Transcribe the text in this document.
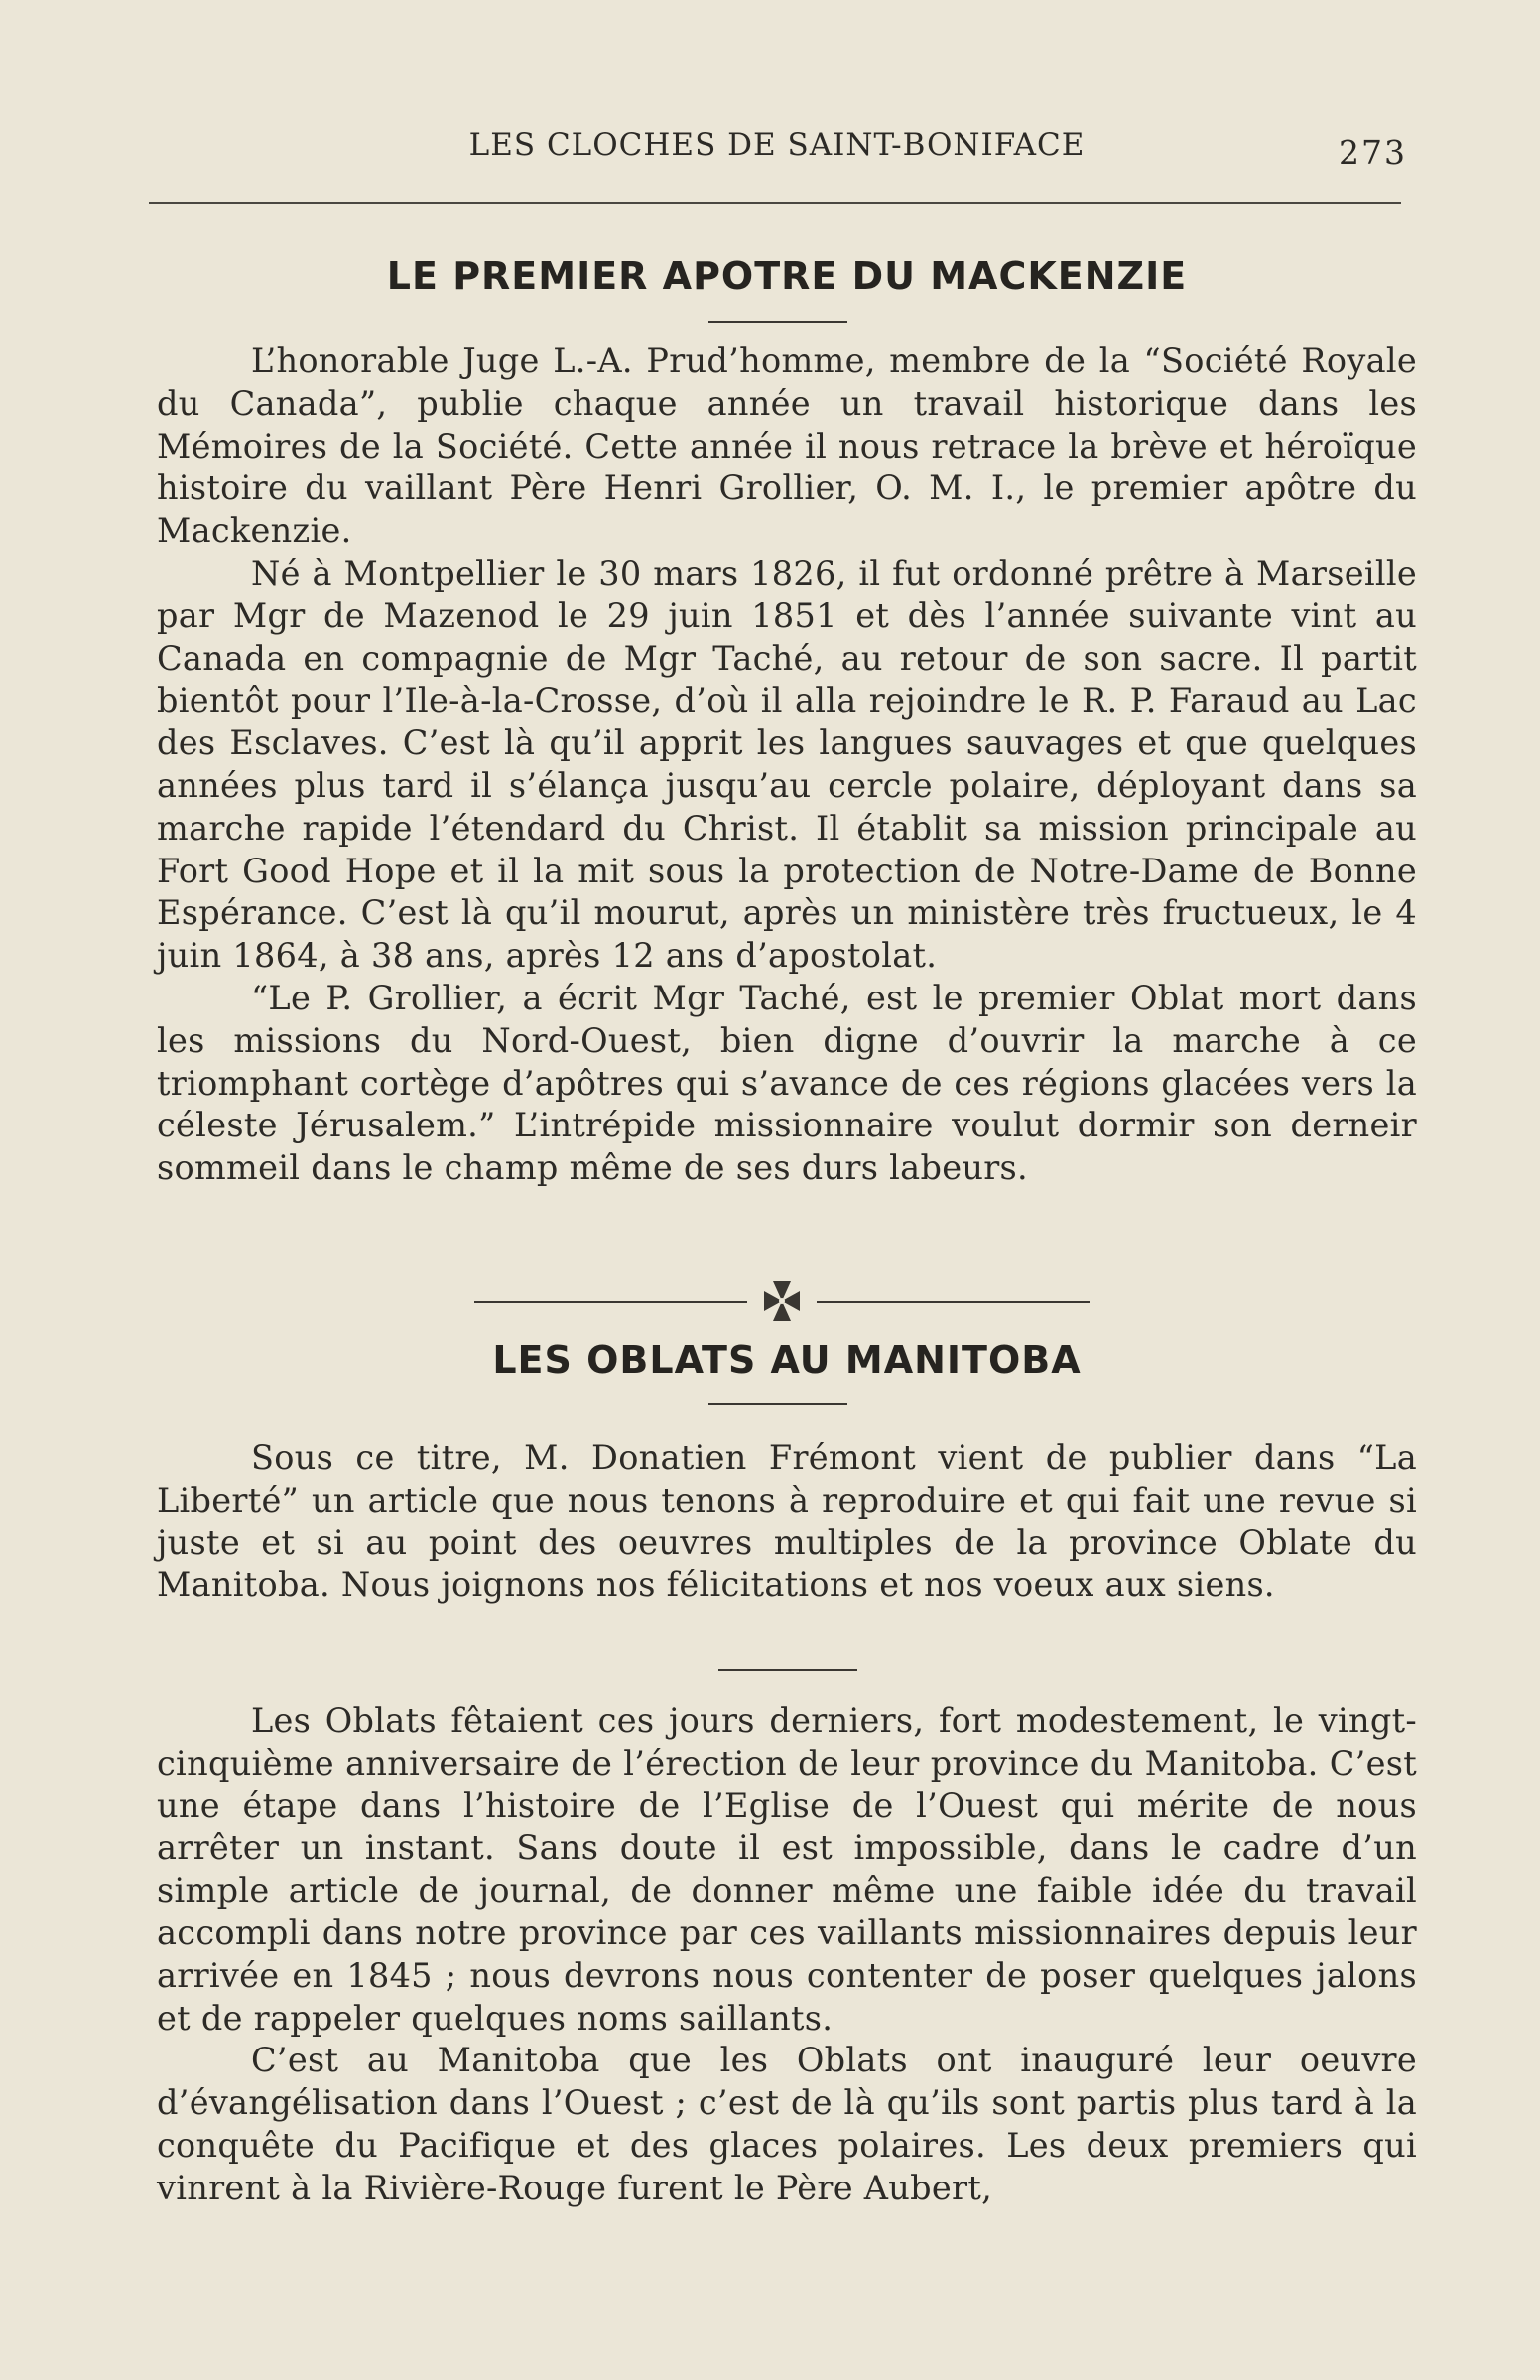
LES CLOCHES DE SAINT-BONIFACE	273
LE PREMIER APOTRE DU MACKENZIE

L’honorable Juge L.-A. Prud’homme, membre de la “Société Royale du Canada”, publie chaque année un travail historique dans les Mémoires de la Société. Cette année il nous retrace la brève et héroïque histoire du vaillant Père Henri Grollier, O. M. I., le premier apôtre du Mackenzie.

Né à Montpellier le 30 mars 1826, il fut ordonné prêtre à Marseille par Mgr de Mazenod le 29 juin 1851 et dès l’année suivante vint au Canada en compagnie de Mgr Taché, au retour de son sacre. Il partit bientôt pour l’Ile-à-la-Crosse, d’où il alla rejoindre le R. P. Faraud au Lac des Esclaves. C’est là qu’il apprit les langues sauvages et que quelques années plus tard il s’élança jusqu’au cercle polaire, déployant dans sa marche rapide l’étendard du Christ. Il établit sa mission principale au Fort Good Hope et il la mit sous la protection de Notre-Dame de Bonne Espérance. C’est là qu’il mourut, après un ministère très fructueux, le 4 juin 1864, à 38 ans, après 12 ans d’apostolat.

“Le P. Grollier, a écrit Mgr Taché, est le premier Oblat mort dans les missions du Nord-Ouest, bien digne d’ouvrir la marche à ce triomphant cortège d’apôtres qui s’avance de ces régions glacées vers la céleste Jérusalem.” L’intrépide missionnaire voulut dormir son derneir sommeil dans le champ même de ses durs labeurs.

LES OBLATS AU MANITOBA

Sous ce titre, M. Donatien Frémont vient de publier dans “La Liberté” un article que nous tenons à reproduire et qui fait une revue si juste et si au point des oeuvres multiples de la province Oblate du Manitoba. Nous joignons nos félicitations et nos voeux aux siens.

Les Oblats fêtaient ces jours derniers, fort modestement, le vingt-cinquième anniversaire de l’érection de leur province du Manitoba. C’est une étape dans l’histoire de l’Eglise de l’Ouest qui mérite de nous arrêter un instant. Sans doute il est impossible, dans le cadre d’un simple article de journal, de donner même une faible idée du travail accompli dans notre province par ces vaillants missionnaires depuis leur arrivée en 1845 ; nous devrons nous contenter de poser quelques jalons et de rappeler quelques noms saillants.

C’est au Manitoba que les Oblats ont inauguré leur oeuvre d’évangélisation dans l’Ouest ; c’est de là qu’ils sont partis plus tard à la conquête du Pacifique et des glaces polaires. Les deux premiers qui vinrent à la Rivière-Rouge furent le Père Aubert,
